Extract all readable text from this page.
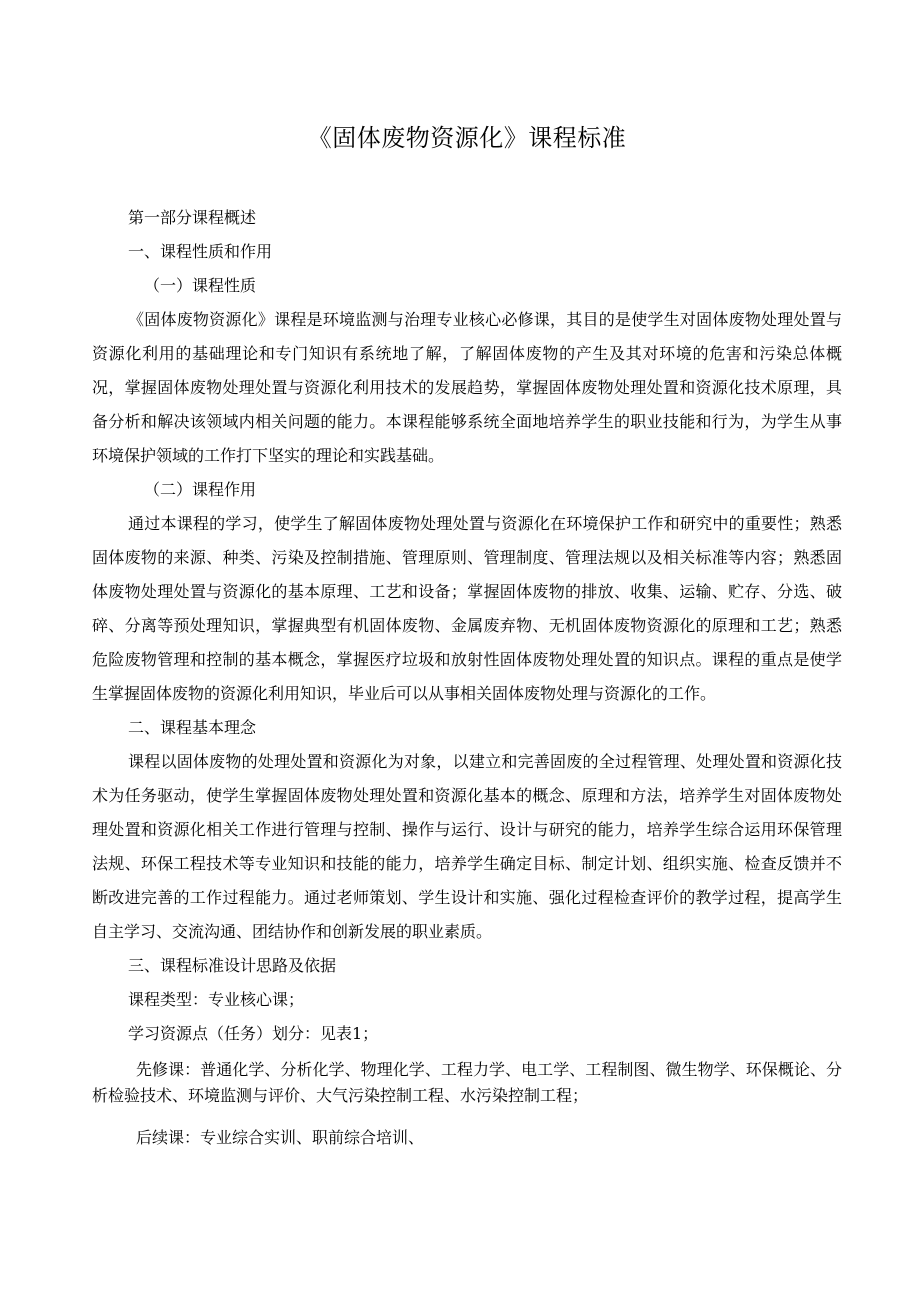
《固体废物资源化》课程标准

第一部分课程概述

一、课程性质和作用

（一）课程性质

《固体废物资源化》课程是环境监测与治理专业核心必修课，其目的是使学生对固体废物处理处置与资源化利用的基础理论和专门知识有系统地了解，了解固体废物的产生及其对环境的危害和污染总体概况，掌握固体废物处理处置与资源化利用技术的发展趋势，掌握固体废物处理处置和资源化技术原理，具备分析和解决该领域内相关问题的能力。本课程能够系统全面地培养学生的职业技能和行为，为学生从事环境保护领域的工作打下坚实的理论和实践基础。

（二）课程作用

通过本课程的学习，使学生了解固体废物处理处置与资源化在环境保护工作和研究中的重要性；熟悉固体废物的来源、种类、污染及控制措施、管理原则、管理制度、管理法规以及相关标准等内容；熟悉固体废物处理处置与资源化的基本原理、工艺和设备；掌握固体废物的排放、收集、运输、贮存、分选、破碎、分离等预处理知识，掌握典型有机固体废物、金属废弃物、无机固体废物资源化的原理和工艺；熟悉危险废物管理和控制的基本概念，掌握医疗垃圾和放射性固体废物处理处置的知识点。课程的重点是使学生掌握固体废物的资源化利用知识，毕业后可以从事相关固体废物处理与资源化的工作。

二、课程基本理念

课程以固体废物的处理处置和资源化为对象，以建立和完善固废的全过程管理、处理处置和资源化技术为任务驱动，使学生掌握固体废物处理处置和资源化基本的概念、原理和方法，培养学生对固体废物处理处置和资源化相关工作进行管理与控制、操作与运行、设计与研究的能力，培养学生综合运用环保管理法规、环保工程技术等专业知识和技能的能力，培养学生确定目标、制定计划、组织实施、检查反馈并不断改进完善的工作过程能力。通过老师策划、学生设计和实施、强化过程检查评价的教学过程，提高学生自主学习、交流沟通、团结协作和创新发展的职业素质。

三、课程标准设计思路及依据

课程类型：专业核心课；

学习资源点（任务）划分：见表1；

先修课：普通化学、分析化学、物理化学、工程力学、电工学、工程制图、微生物学、环保概论、分析检验技术、环境监测与评价、大气污染控制工程、水污染控制工程；

后续课：专业综合实训、职前综合培训、
